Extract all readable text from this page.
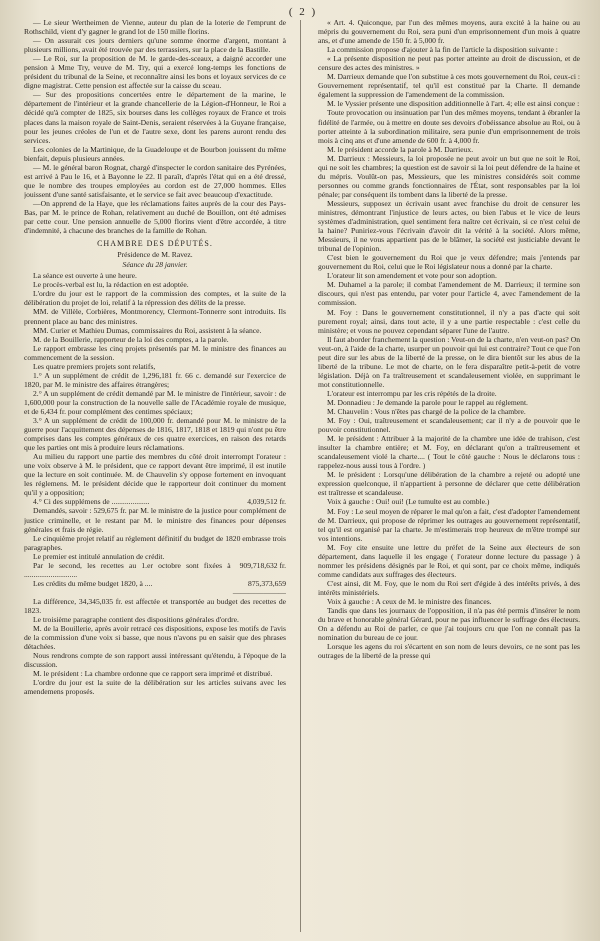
( 2 )

— Le sieur Wertheimen de Vienne, auteur du plan de la loterie de l'emprunt de Rothschild, vient d'y gagner le grand lot de 150 mille florins.

— On assurait ces jours derniers qu'une somme énorme d'argent, montant à plusieurs millions, avait été trouvée par des terrassiers, sur la place de la Bastille.

— Le Roi, sur la proposition de M. le garde-des-sceaux, a daigné accorder une pension à Mme Try, veuve de M. Try, qui a exercé long-temps les fonctions de président du tribunal de la Seine, et reconnaître ainsi les bons et loyaux services de ce digne magistrat. Cette pension est affectée sur la caisse du sceau.

— Sur des propositions concertées entre le département de la marine, le département de l'intérieur et la grande chancellerie de la Légion-d'Honneur, le Roi a décidé qu'à compter de 1825, six bourses dans les collèges royaux de France et trois places dans la maison royale de Saint-Denis, seraient réservées à la Guyane française, pour les jeunes créoles de l'un et de l'autre sexe, dont les parens auront rendu des services.

Les colonies de la Martinique, de la Guadeloupe et de Bourbon jouissent du même bienfait, depuis plusieurs années.

— M. le général baron Rognat, chargé d'inspecter le cordon sanitaire des Pyrénées, est arrivé à Pau le 16, et à Bayonne le 22. Il paraît, d'après l'état qui en a été dressé, que le nombre des troupes employées au cordon est de 27,000 hommes. Elles jouissent d'une santé satisfaisante, et le service se fait avec beaucoup d'exactitude.

—On apprend de la Haye, que les réclamations faites auprès de la cour des Pays-Bas, par M. le prince de Rohan, relativement au duché de Bouillon, ont été admises par cette cour. Une pension annuelle de 5,000 florins vient d'être accordée, à titre d'indemnité, à chacune des branches de la famille de Rohan.

CHAMBRE DES DÉPUTÉS.

Présidence de M. Ravez.

Séance du 28 janvier.

La séance est ouverte à une heure.

Le procès-verbal est lu, la rédaction en est adoptée.

L'ordre du jour est le rapport de la commission des comptes, et la suite de la délibération du projet de loi, relatif à la répression des délits de la presse.

MM. de Villèle, Corbières, Montmorency, Clermont-Tonnerre sont introduits. Ils prennent place au banc des ministres.

MM. Curier et Mathieu Dumas, commissaires du Roi, assistent à la séance.

M. de la Bouillerie, rapporteur de la loi des comptes, a la parole.

Le rapport embrasse les cinq projets présentés par M. le ministre des finances au commencement de la session.

Les quatre premiers projets sont relatifs,

1.° A un supplément de crédit de 1,296,181 fr. 66 c. demandé sur l'exercice de 1820, par M. le ministre des affaires étrangères;

2.° A un supplément de crédit demandé par M. le ministre de l'intérieur, savoir : de 1,600,000 pour la construction de la nouvelle salle de l'Académie royale de musique, et de 6,434 fr. pour complément des centimes spéciaux;

3.° A un supplément de crédit de 100,000 fr. demandé pour M. le ministre de la guerre pour l'acquittement des dépenses de 1816, 1817, 1818 et 1819 qui n'ont pu être comprises dans les comptes généraux de ces quatre exercices, en raison des retards que les parties ont mis à produire leurs réclamations.

Au milieu du rapport une partie des membres du côté droit interrompt l'orateur : une voix observe à M. le président, que ce rapport devant être imprimé, il est inutile que la lecture en soit continuée. M. de Chauvelin s'y oppose fortement en invoquant les réglemens. M. le président décide que le rapporteur doit continuer du moment qu'il y a opposition;

4.° Ci des supplémens de ....................	4,039,512 fr.

Demandés, savoir : 529,675 fr. par M. le ministre de la justice pour complément de justice criminelle, et le restant par M. le ministre des finances pour dépenses générales et frais de régie.

Le cinquième projet relatif au réglement définitif du budget de 1820 embrasse trois paragraphes.

Le premier est intitulé annulation de crédit.

Par le second, les recettes au 1.er octobre sont fixées à ............................
909,718,632 fr.

Les crédits du même budget 1820, à ....	875,373,659

———————

La différence, 34,345,035 fr. est affectée et transportée au budget des recettes de 1823.

Le troisième paragraphe contient des dispositions générales d'ordre.

M. de la Bouillerie, après avoir retracé ces dispositions, expose les motifs de l'avis de la commission d'une voix si basse, que nous n'avons pu en saisir que des phrases détachées.

Nous rendrons compte de son rapport aussi intéressant qu'étendu, à l'époque de la discussion.

M. le président : La chambre ordonne que ce rapport sera imprimé et distribué.

L'ordre du jour est la suite de la délibération sur les articles suivans avec les amendemens proposés.

« Art. 4. Quiconque, par l'un des mêmes moyens, aura excité à la haine ou au mépris du gouvernement du Roi, sera puni d'un emprisonnement d'un mois à quatre ans, et d'une amende de 150 fr. à 5,000 fr.

La commission propose d'ajouter à la fin de l'article la disposition suivante :

« La présente disposition ne peut pas porter atteinte au droit de discussion, et de censure des actes des ministres. »

M. Darrieux demande que l'on substitue à ces mots gouvernement du Roi, ceux-ci : Gouvernement représentatif, tel qu'il est constitué par la Charte. Il demande également la suppression de l'amendement de la commission.

M. le Vyssier présente une disposition additionnelle à l'art. 4; elle est ainsi conçue :

Toute provocation ou insinuation par l'un des mêmes moyens, tendant à ébranler la fidélité de l'armée, ou à mettre en doute ses devoirs d'obéissance absolue au Roi, ou à porter atteinte à la subordination militaire, sera punie d'un emprisonnement de trois mois à cinq ans et d'une amende de 600 fr. à 4,000 fr.

M. le président accorde la parole à M. Darrieux.

M. Darrieux : Messieurs, la loi proposée ne peut avoir un but que ne soit le Roi, qui ne soit les chambres; la question est de savoir si la loi peut défendre de la haine et du mépris. Voulût-on pas, Messieurs, que les ministres considérés soit comme personnes ou comme grands fonctionnaires de l'État, sont responsables par la loi pénale; par conséquent ils tombent dans la liberté de la presse.

Messieurs, supposez un écrivain usant avec franchise du droit de censurer les ministres, démontrant l'injustice de leurs actes, ou bien l'abus et le vice de leurs systèmes d'administration, quel sentiment fera naître cet écrivain, si ce n'est celui de la haine? Puniriez-vous l'écrivain d'avoir dit la vérité à la société. Alors même, Messieurs, il ne vous appartient pas de le blâmer, la société est justiciable devant le tribunal de l'opinion.

C'est bien le gouvernement du Roi que je veux défendre; mais j'entends par gouvernement du Roi, celui que le Roi législateur nous a donné par la charte.

L'orateur lit son amendement et vote pour son adoption.

M. Duhamel a la parole; il combat l'amendement de M. Darrieux; il termine son discours, qui n'est pas entendu, par voter pour l'article 4, avec l'amendement de la commission.

M. Foy : Dans le gouvernement constitutionnel, il n'y a pas d'acte qui soit purement royal; ainsi, dans tout acte, il y a une partie respectable : c'est celle du ministère; et vous ne pouvez cependant séparer l'une de l'autre.

Il faut aborder franchement la question : Veut-on de la charte, n'en veut-on pas? On veut-on, à l'aide de la charte, usurper un pouvoir qui lui est contraire? Tout ce que l'on peut dire sur les abus de la liberté de la presse, on le dira bientôt sur les abus de la liberté de la tribune. Le mot de charte, on le fera disparaître petit-à-petit de votre législation. Déjà on l'a traîtreusement et scandaleusement violée, en supprimant le mot constitutionnelle.

L'orateur est interrompu par les cris répétés de la droite.

M. Donnadieu : Je demande la parole pour le rappel au réglement.

M. Chauvelin : Vous n'êtes pas chargé de la police de la chambre.

M. Foy : Oui, traîtreusement et scandaleusement; car il n'y a de pouvoir que le pouvoir constitutionnel.

M. le président : Attribuer à la majorité de la chambre une idée de trahison, c'est insulter la chambre entière; et M. Foy, en déclarant qu'on a traîtreusement et scandaleusement violé la charte.... ( Tout le côté gauche : Nous le déclarons tous : rappelez-nous aussi tous à l'ordre. )

M. le président : Lorsqu'une délibération de la chambre a rejeté ou adopté une expression quelconque, il n'appartient à personne de déclarer que cette délibération est traîtresse et scandaleuse.

Voix à gauche : Oui! oui! (Le tumulte est au comble.)

M. Foy : Le seul moyen de réparer le mal qu'on a fait, c'est d'adopter l'amendement de M. Darrieux, qui propose de réprimer les outrages au gouvernement représentatif, tel qu'il est organisé par la charte. Je m'estimerais trop heureux de m'être trompé sur vos intentions.

M. Foy cite ensuite une lettre du préfet de la Seine aux électeurs de son département, dans laquelle il les engage ( l'orateur donne lecture du passage ) à nommer les présidens désignés par le Roi, et qui sont, par ce choix même, indiqués comme candidats aux suffrages des électeurs.

C'est ainsi, dit M. Foy, que le nom du Roi sert d'égide à des intérêts privés, à des intérêts ministériels.

Voix à gauche : A ceux de M. le ministre des finances.

Tandis que dans les journaux de l'opposition, il n'a pas été permis d'insérer le nom du brave et honorable général Gérard, pour ne pas influencer le suffrage des électeurs. On a défendu au Roi de parler, ce que j'ai toujours cru que l'on ne connaît pas la nomination du bureau de ce jour.

Lorsque les agens du roi s'écartent en son nom de leurs devoirs, ce ne sont pas les outrages de la liberté de la presse qui
